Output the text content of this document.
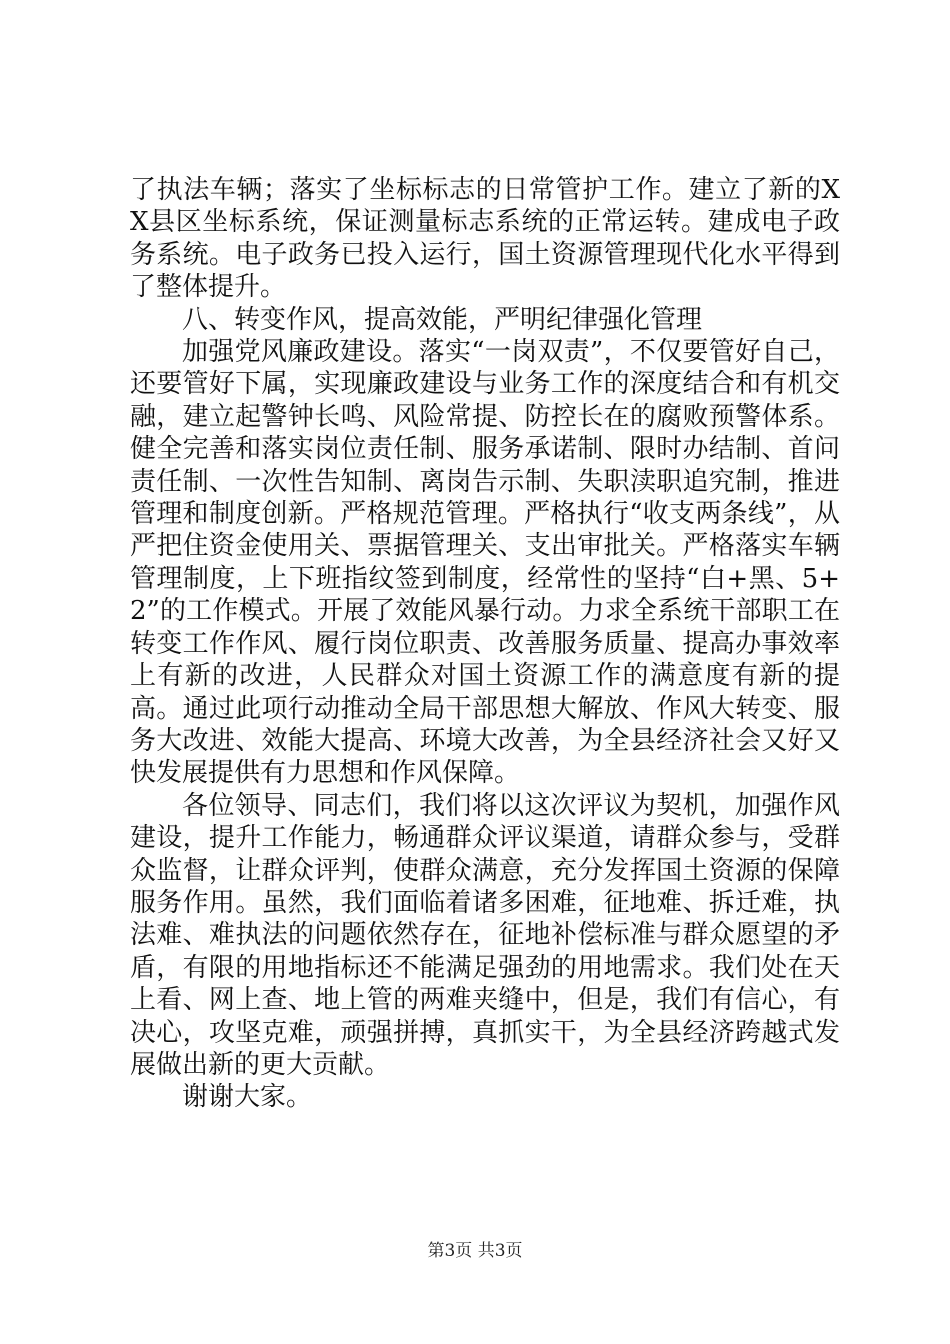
了执法车辆；落实了坐标标志的日常管护工作。建立了新的XX县区坐标系统，保证测量标志系统的正常运转。建成电子政务系统。电子政务已投入运行，国土资源管理现代化水平得到了整体提升。

八、转变作风，提高效能，严明纪律强化管理

加强党风廉政建设。落实“一岗双责”，不仅要管好自己，还要管好下属，实现廉政建设与业务工作的深度结合和有机交融，建立起警钟长鸣、风险常提、防控长在的腐败预警体系。健全完善和落实岗位责任制、服务承诺制、限时办结制、首问责任制、一次性告知制、离岗告示制、失职渎职追究制，推进管理和制度创新。严格规范管理。严格执行“收支两条线”，从严把住资金使用关、票据管理关、支出审批关。严格落实车辆管理制度，上下班指纹签到制度，经常性的坚持“白+黑、5+2”的工作模式。开展了效能风暴行动。力求全系统干部职工在转变工作作风、履行岗位职责、改善服务质量、提高办事效率上有新的改进，人民群众对国土资源工作的满意度有新的提高。通过此项行动推动全局干部思想大解放、作风大转变、服务大改进、效能大提高、环境大改善，为全县经济社会又好又快发展提供有力思想和作风保障。

各位领导、同志们，我们将以这次评议为契机，加强作风建设，提升工作能力，畅通群众评议渠道，请群众参与，受群众监督，让群众评判，使群众满意，充分发挥国土资源的保障服务作用。虽然，我们面临着诸多困难，征地难、拆迁难，执法难、难执法的问题依然存在，征地补偿标准与群众愿望的矛盾，有限的用地指标还不能满足强劲的用地需求。我们处在天上看、网上查、地上管的两难夹缝中，但是，我们有信心，有决心，攻坚克难，顽强拼搏，真抓实干，为全县经济跨越式发展做出新的更大贡献。

谢谢大家。

第3页 共3页
